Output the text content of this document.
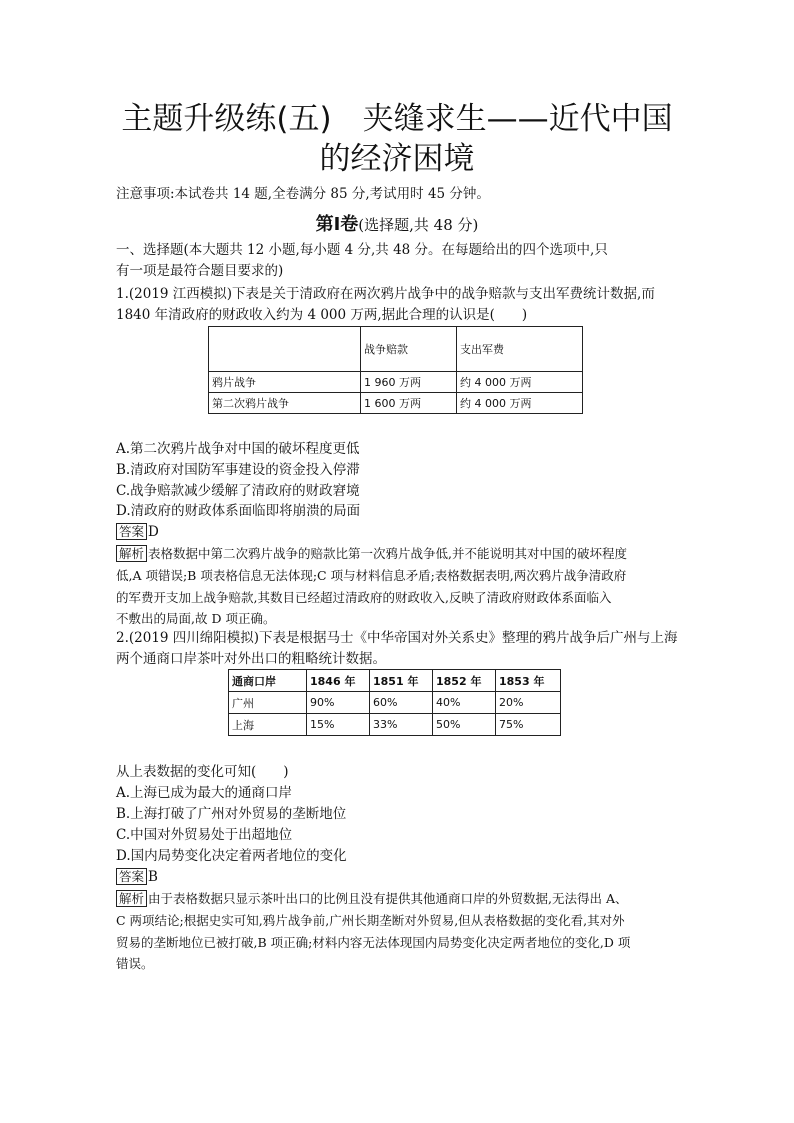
主题升级练(五)　夹缝求生——近代中国
的经济困境
注意事项:本试卷共 14 题,全卷满分 85 分,考试用时 45 分钟。
第Ⅰ卷(选择题,共 48 分)
一、选择题(本大题共 12 小题,每小题 4 分,共 48 分。在每题给出的四个选项中,只
有一项是最符合题目要求的)
1.(2019 江西模拟)下表是关于清政府在两次鸦片战争中的战争赔款与支出军费统计数据,而
1840 年清政府的财政收入约为 4 000 万两,据此合理的认识是(　　)
	战争赔款	支出军费
鸦片战争	1 960 万两	约 4 000 万两
第二次鸦片战争	1 600 万两	约 4 000 万两
A.第二次鸦片战争对中国的破坏程度更低
B.清政府对国防军事建设的资金投入停滞
C.战争赔款减少缓解了清政府的财政窘境
D.清政府的财政体系面临即将崩溃的局面
答案 D
解析 表格数据中第二次鸦片战争的赔款比第一次鸦片战争低,并不能说明其对中国的破坏程度
低,A 项错误;B 项表格信息无法体现;C 项与材料信息矛盾;表格数据表明,两次鸦片战争清政府
的军费开支加上战争赔款,其数目已经超过清政府的财政收入,反映了清政府财政体系面临入
不敷出的局面,故 D 项正确。
2.(2019 四川绵阳模拟)下表是根据马士《中华帝国对外关系史》整理的鸦片战争后广州与上海
两个通商口岸茶叶对外出口的粗略统计数据。
通商口岸	1846 年	1851 年	1852 年	1853 年
广州	90%	60%	40%	20%
上海	15%	33%	50%	75%
从上表数据的变化可知(　　)
A.上海已成为最大的通商口岸
B.上海打破了广州对外贸易的垄断地位
C.中国对外贸易处于出超地位
D.国内局势变化决定着两者地位的变化
答案 B
解析 由于表格数据只显示茶叶出口的比例且没有提供其他通商口岸的外贸数据,无法得出 A、
C 两项结论;根据史实可知,鸦片战争前,广州长期垄断对外贸易,但从表格数据的变化看,其对外
贸易的垄断地位已被打破,B 项正确;材料内容无法体现国内局势变化决定两者地位的变化,D 项
错误。
